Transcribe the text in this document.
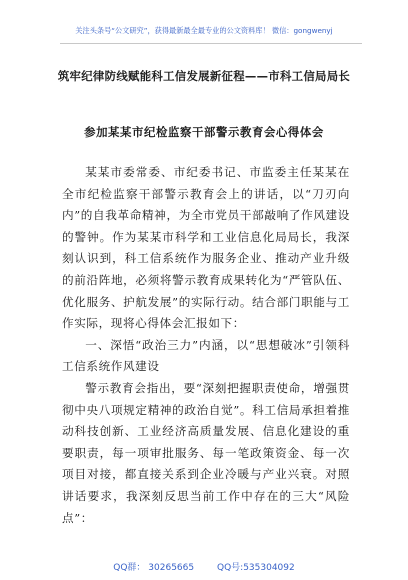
关注头条号“公文研究”，获得最新最全最专业的公文资料库！ 微信：gongwenyj
筑牢纪律防线赋能科工信发展新征程——市科工信局局长
参加某某市纪检监察干部警示教育会心得体会

某某市委常委、市纪委书记、市监委主任某某在全市纪检监察干部警示教育会上的讲话，以“刀刃向内”的自我革命精神，为全市党员干部敲响了作风建设的警钟。作为某某市科学和工业信息化局局长，我深刻认识到，科工信系统作为服务企业、推动产业升级的前沿阵地，必须将警示教育成果转化为“严管队伍、优化服务、护航发展”的实际行动。结合部门职能与工作实际，现将心得体会汇报如下：

一、深悟“政治三力”内涵，以“思想破冰”引领科工信系统作风建设

警示教育会指出，要“深刻把握职责使命，增强贯彻中央八项规定精神的政治自觉”。科工信局承担着推动科技创新、工业经济高质量发展、信息化建设的重要职责，每一项审批服务、每一笔政策资金、每一次项目对接，都直接关系到企业冷暖与产业兴衰。对照讲话要求，我深刻反思当前工作中存在的三大“风险点”：

QQ群： 30265665        QQ号:535304092
